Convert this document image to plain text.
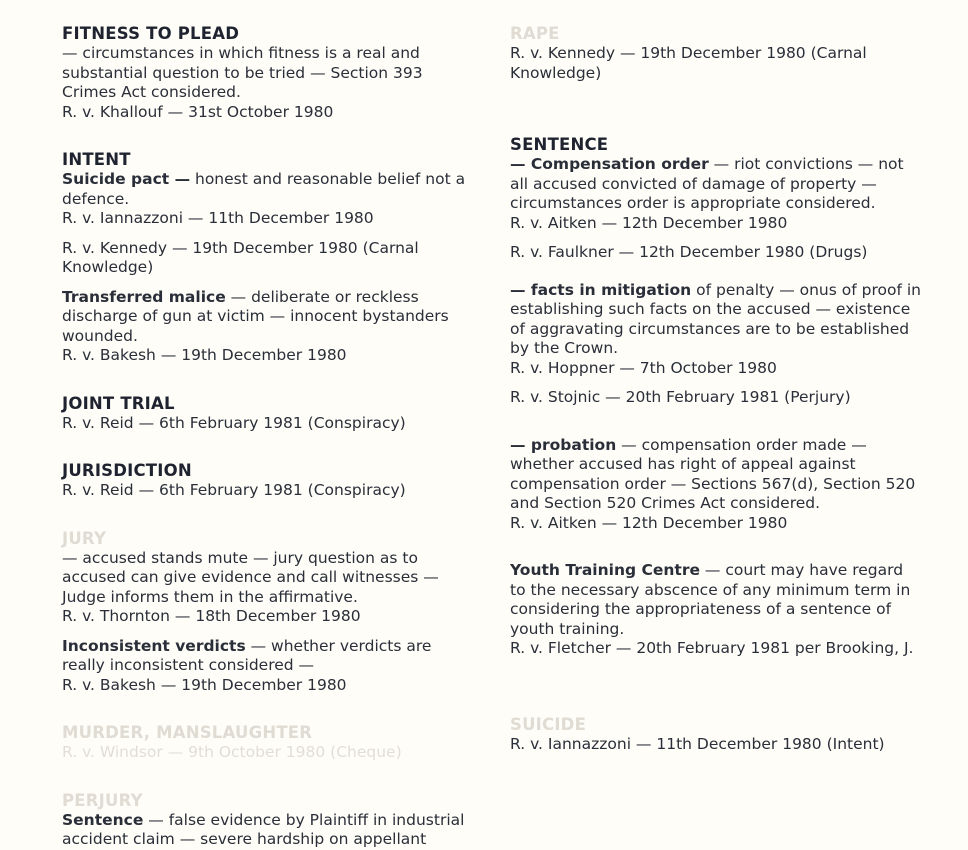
FITNESS TO PLEAD

— circumstances in which fitness is a real and substantial question to be tried — Section 393 Crimes Act considered.

R. v. Khallouf — 31st October 1980
INTENT

Suicide pact — honest and reasonable belief not a defence.

R. v. Iannazzoni — 11th December 1980
R. v. Kennedy — 19th December 1980 (Carnal Knowledge)

Transferred malice — deliberate or reckless discharge of gun at victim — innocent bystanders wounded.

R. v. Bakesh — 19th December 1980
JOINT TRIAL
R. v. Reid — 6th February 1981 (Conspiracy)
JURISDICTION
R. v. Reid — 6th February 1981 (Conspiracy)
JURY

— accused stands mute — jury question as to accused can give evidence and call witnesses — Judge informs them in the affirmative.

R. v. Thornton — 18th December 1980

Inconsistent verdicts — whether verdicts are really inconsistent considered —

R. v. Bakesh — 19th December 1980
MURDER, MANSLAUGHTER
R. v. Windsor — 9th October 1980 (Cheque)
PERJURY

Sentence — false evidence by Plaintiff in industrial accident claim — severe hardship on appellant

RAPE
R. v. Kennedy — 19th December 1980 (Carnal Knowledge)
SENTENCE

— Compensation order — riot convictions — not all accused convicted of damage of property — circumstances order is appropriate considered.

R. v. Aitken — 12th December 1980
R. v. Faulkner — 12th December 1980 (Drugs)

— facts in mitigation of penalty — onus of proof in establishing such facts on the accused — existence of aggravating circumstances are to be established by the Crown.

R. v. Hoppner — 7th October 1980
R. v. Stojnic — 20th February 1981 (Perjury)

— probation — compensation order made — whether accused has right of appeal against compensation order — Sections 567(d), Section 520 and Section 520 Crimes Act considered.

R. v. Aitken — 12th December 1980

Youth Training Centre — court may have regard to the necessary abscence of any minimum term in considering the appropriateness of a sentence of youth training.

R. v. Fletcher — 20th February 1981 per Brooking, J.
SUICIDE
R. v. Iannazzoni — 11th December 1980 (Intent)
